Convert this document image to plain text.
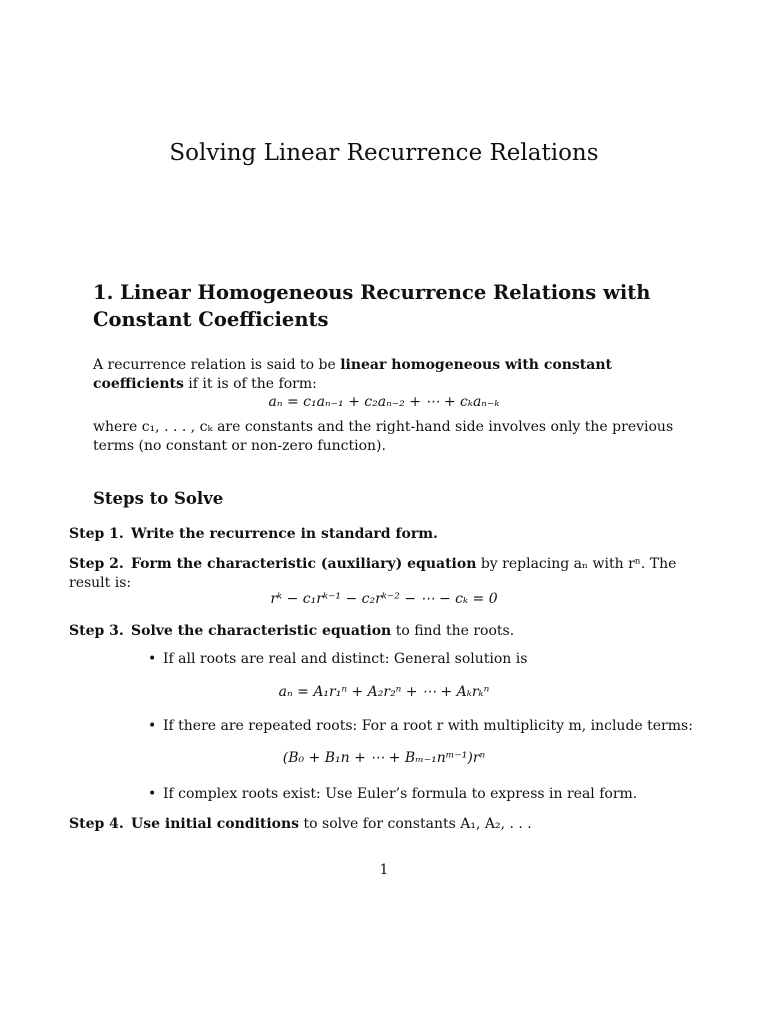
Solving Linear Recurrence Relations
1. Linear Homogeneous Recurrence Relations with Constant Coefficients

A recurrence relation is said to be linear homogeneous with constant coefficients if it is of the form:

aₙ = c₁aₙ₋₁ + c₂aₙ₋₂ + ⋯ + cₖaₙ₋ₖ

where c₁, . . . , cₖ are constants and the right-hand side involves only the previous terms (no constant or non-zero function).

Steps to Solve
Step 1. Write the recurrence in standard form.
Step 2. Form the characteristic (auxiliary) equation by replacing aₙ with rⁿ. The result is:
rᵏ − c₁rᵏ⁻¹ − c₂rᵏ⁻² − ⋯ − cₖ = 0
Step 3. Solve the characteristic equation to find the roots.
• If all roots are real and distinct: General solution is
aₙ = A₁r₁ⁿ + A₂r₂ⁿ + ⋯ + Aₖrₖⁿ
• If there are repeated roots: For a root r with multiplicity m, include terms:
(B₀ + B₁n + ⋯ + Bₘ₋₁nᵐ⁻¹)rⁿ
• If complex roots exist: Use Euler’s formula to express in real form.
Step 4. Use initial conditions to solve for constants A₁, A₂, . . .
1
